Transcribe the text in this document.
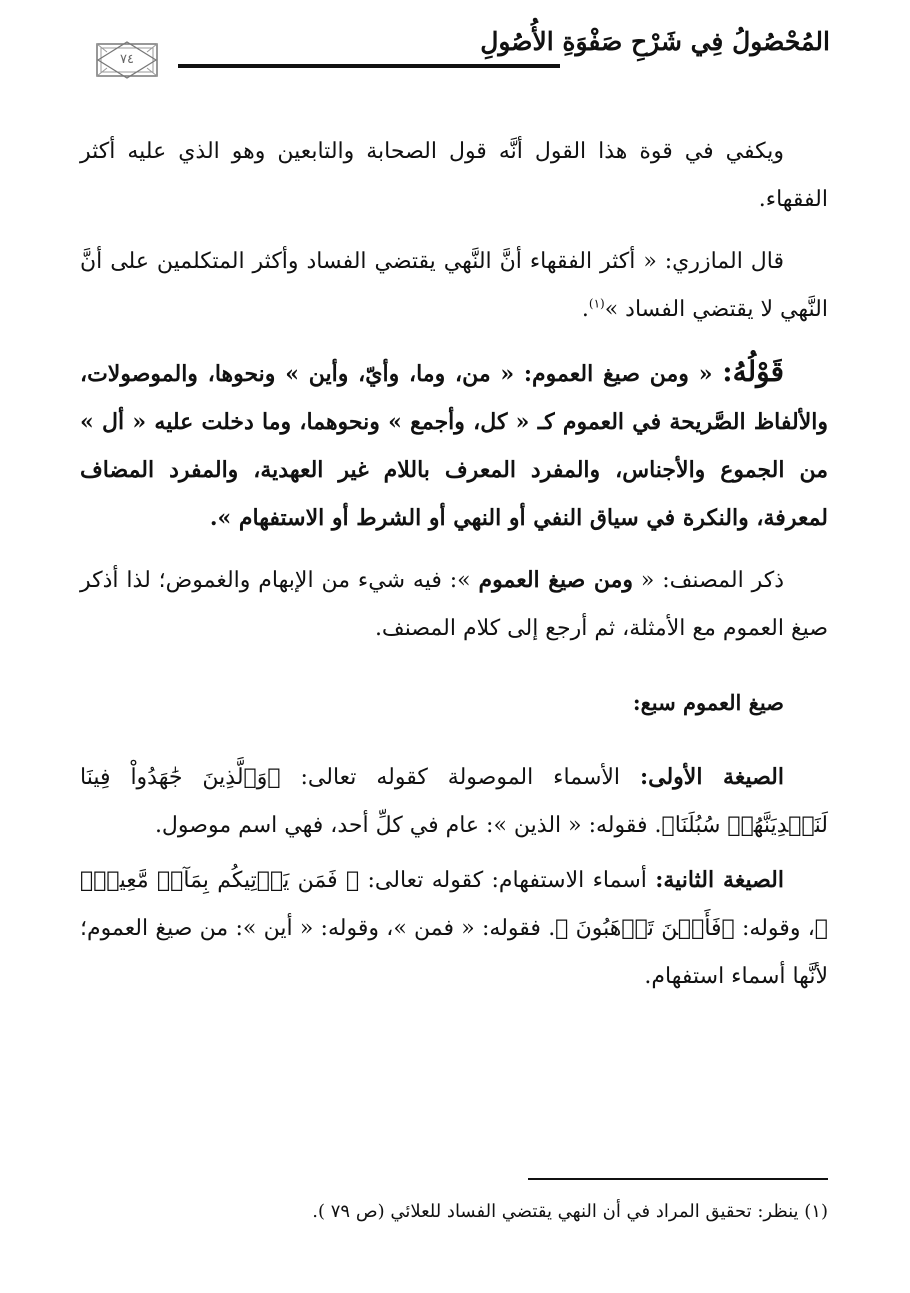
المُحْصُولُ فِي شَرْحِ صَفْوَةِ الأُصُولِ
٧٤

ويكفي في قوة هذا القول أنَّه قول الصحابة والتابعين وهو الذي عليه أكثر الفقهاء.

قال المازري: « أكثر الفقهاء أنَّ النَّهي يقتضي الفساد وأكثر المتكلمين على أنَّ النَّهي لا يقتضي الفساد »$^{(١)}$.

قَوْلُهُ: « ومن صيغ العموم: « من، وما، وأيّ، وأين » ونحوها، والموصولات، والألفاظ الصَّريحة في العموم كـ « كل، وأجمع » ونحوهما، وما دخلت عليه « أل » من الجموع والأجناس، والمفرد المعرف باللام غير العهدية، والمفرد المضاف لمعرفة، والنكرة في سياق النفي أو النهي أو الشرط أو الاستفهام ».

ذكر المصنف: « ومن صيغ العموم »: فيه شيء من الإبهام والغموض؛ لذا أذكر صيغ العموم مع الأمثلة، ثم أرجع إلى كلام المصنف.

صيغ العموم سبع:

الصيغة الأولى: الأسماء الموصولة كقوله تعالى: ﴿وَٱلَّذِينَ جَٰهَدُواْ فِينَا لَنَهۡدِيَنَّهُمۡ سُبُلَنَا﴾. فقوله: « الذين »: عام في كلِّ أحد، فهي اسم موصول.

الصيغة الثانية: أسماء الاستفهام: كقوله تعالى: ﴿ فَمَن يَأۡتِيكُم بِمَآءٖ مَّعِينِۭ ﴾، وقوله: ﴿فَأَيۡنَ تَذۡهَبُونَ ﴾. فقوله: « فمن »، وقوله: « أين »: من صيغ العموم؛ لأنَّها أسماء استفهام.

(١) ينظر: تحقيق المراد في أن النهي يقتضي الفساد للعلائي (ص ٧٩ ).
